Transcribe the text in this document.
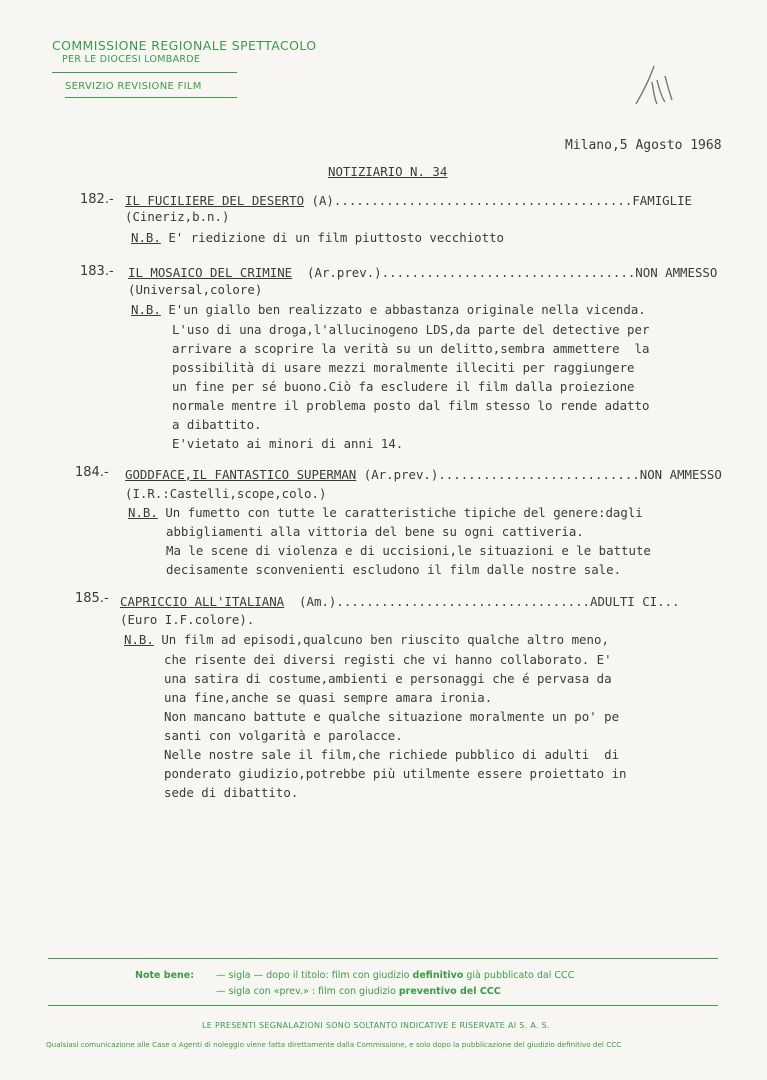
COMMISSIONE REGIONALE SPETTACOLO
PER LE DIOCESI LOMBARDE
SERVIZIO REVISIONE FILM
Milano,5 Agosto 1968
NOTIZIARIO N. 34
182.- IL FUCILIERE DEL DESERTO (A)........................................FAMIGLIE
(Cineriz,b.n.)
N.B. E' riedizione di un film piuttosto vecchiotto
183.- IL MOSAICO DEL CRIMINE (Ar.prev.)..................................NON AMMESSO
(Universal,colore)
N.B. E'un giallo ben realizzato e abbastanza originale nella vicenda.
L'uso di una droga,l'allucinogeno LDS,da parte del detective per
arrivare a scoprire la verità su un delitto,sembra ammettere  la
possibilità di usare mezzi moralmente illeciti per raggiungere
un fine per sé buono.Ciò fa escludere il film dalla proiezione
normale mentre il problema posto dal film stesso lo rende adatto
a dibattito.
E'vietato ai minori di anni 14.
184.- GODDFACE,IL FANTASTICO SUPERMAN (Ar.prev.)...........................NON AMMESSO
(I.R.:Castelli,scope,colo.)
N.B. Un fumetto con tutte le caratteristiche tipiche del genere:dagli
abbigliamenti alla vittoria del bene su ogni cattiveria.
Ma le scene di violenza e di uccisioni,le situazioni e le battute
decisamente sconvenienti escludono il film dalle nostre sale.
185.- CAPRICCIO ALL'ITALIANA (Am.)..................................ADULTI CI...
(Euro I.F.colore).
N.B. Un film ad episodi,qualcuno ben riuscito qualche altro meno,
che risente dei diversi registi che vi hanno collaborato. E'
una satira di costume,ambienti e personaggi che é pervasa da
una fine,anche se quasi sempre amara ironia.
Non mancano battute e qualche situazione moralmente un po' pe
santi con volgarità e parolacce.
Nelle nostre sale il film,che richiede pubblico di adulti  di
ponderato giudizio,potrebbe più utilmente essere proiettato in
sede di dibattito.
Note bene: — sigla — dopo il titolo: film con giudizio definitivo già pubblicato dal CCC
— sigla con «prev.» : film con giudizio preventivo del CCC
LE PRESENTI SEGNALAZIONI SONO SOLTANTO INDICATIVE E RISERVATE AI S. A. S.
Qualsiasi comunicazione alle Case o Agenti di noleggio viene fatta direttamente dalla Commissione, e solo dopo la pubblicazione del giudizio definitivo del CCC
